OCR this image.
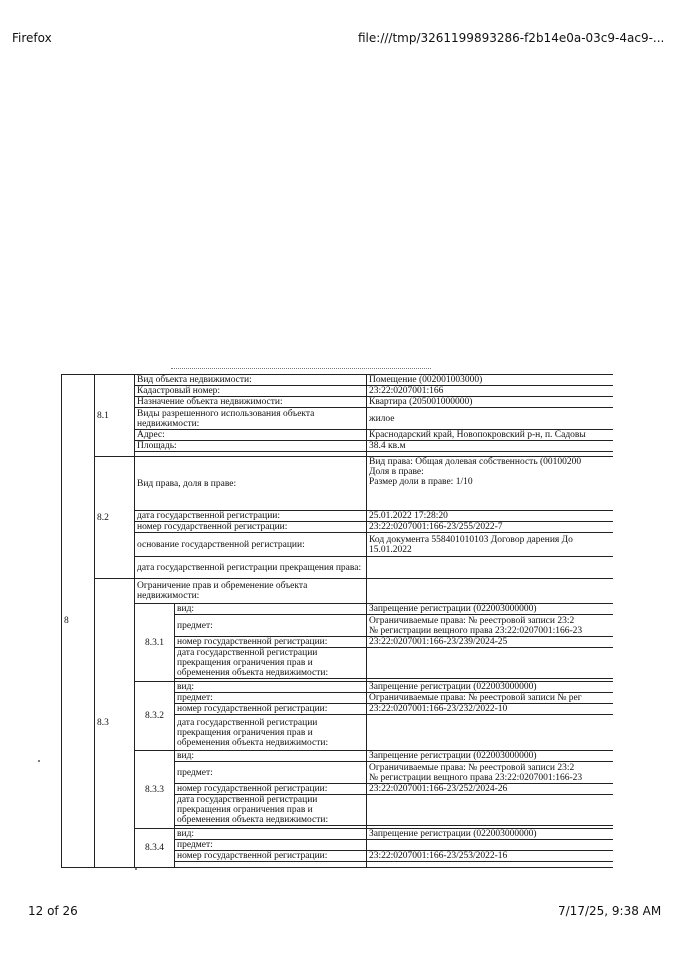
Firefox	file:///tmp/3261199893286-f2b14e0a-03c9-4ac9-...
8	8.1	Вид объекта недвижимости:		Помещение (002001003000)
		Кадастровый номер:		23:22:0207001:166
		Назначение объекта недвижимости:		Квартира (205001000000)
		Виды разрешенного использования объекта недвижимости:		жилое
		Адрес:		Краснодарский край, Новопокровский р-н, п. Садовы
		Площадь:		38.4 кв.м

	8.2	Вид права, доля в праве:		Вид права: Общая долевая собственность (00100200
Доля в праве:
Размер доли в праве: 1/10

		дата государственной регистрации:		25.01.2022 17:28:20
		номер государственной регистрации:		23:22:0207001:166-23/255/2022-7
		основание государственной регистрации:		Код документа 558401010103 Договор дарения До
15.01.2022

		дата государственной регистрации прекращения права:		
	8.3	Ограничение прав и обременение объекта недвижимости:		
		8.3.1	вид:	Запрещение регистрации (022003000000)
			предмет:	Ограничиваемые права: № реестровой записи 23:2
№ регистрации вещного права 23:22:0207001:166-23

			номер государственной регистрации:	23:22:0207001:166-23/239/2024-25
			дата государственной регистрации прекращения ограничения прав и обременения объекта недвижимости:	

		8.3.2	вид:	Запрещение регистрации (022003000000)
			предмет:	Ограничиваемые права: № реестровой записи № рег
			номер государственной регистрации:	23:22:0207001:166-23/232/2022-10
			дата государственной регистрации прекращения ограничения прав и обременения объекта недвижимости:	
		8.3.3	вид:	Запрещение регистрации (022003000000)
			предмет:	Ограничиваемые права: № реестровой записи 23:2
№ регистрации вещного права 23:22:0207001:166-23

			номер государственной регистрации:	23:22:0207001:166-23/252/2024-26
			дата государственной регистрации прекращения ограничения прав и обременения объекта недвижимости:	

		8.3.4	вид:	Запрещение регистрации (022003000000)
			предмет:	
			номер государственной регистрации:	23:22:0207001:166-23/253/2022-16

12 of 26	7/17/25, 9:38 AM
